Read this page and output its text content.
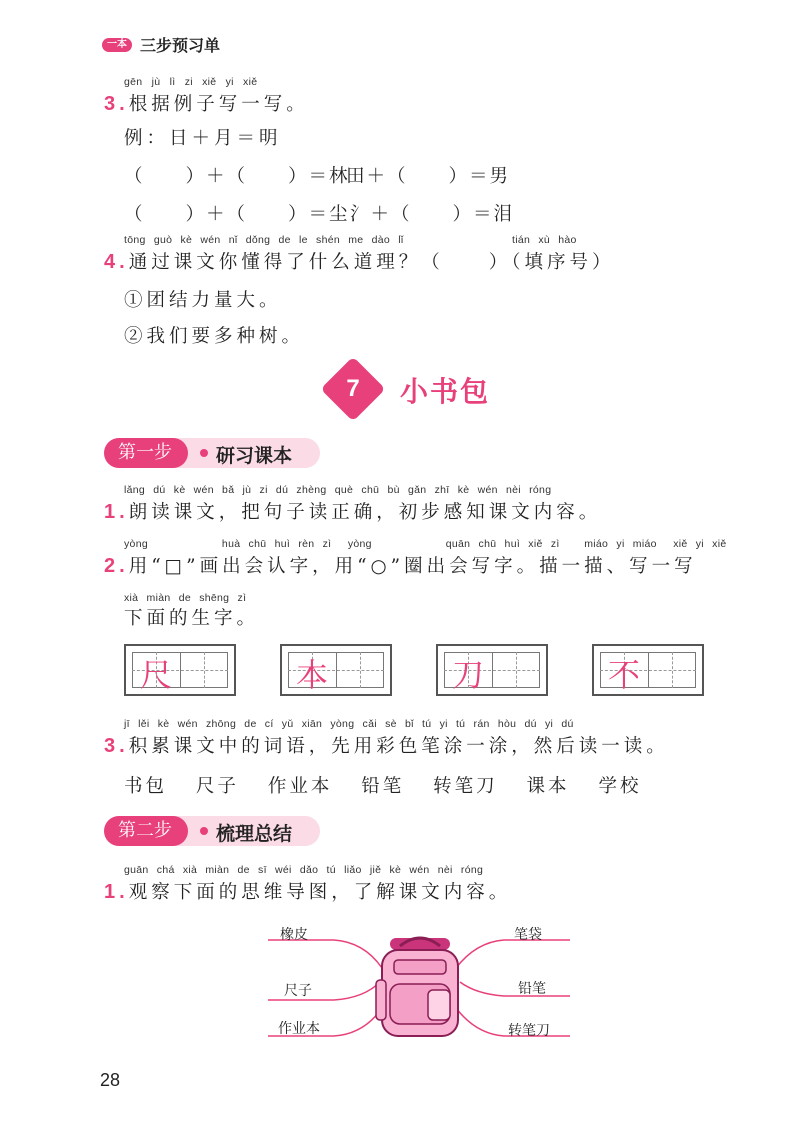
一本 三步预习单
gēn jù lì zi xiě yi xiě
3.根据例子写一写。
例：日＋月＝明
（　　）＋（　　）＝林
田＋（　　）＝男
（　　）＋（　　）＝尘 氵＋（　　）＝泪
tōng guò kè wén nǐ dǒng de le shén me dào lǐ	tián xù hào
4.通过课文你懂得了什么道理？（　　）（填序号）
①团结力量大。
②我们要多种树。
7	小书包
第一步	研习课本
lǎng dú kè wén bǎ jù zi dú zhèng què chū bù gǎn zhī kè wén nèi róng
1.朗读课文，把句子读正确，初步感知课文内容。
yòng         huà chū huì rèn zì  yòng         quān chū huì xiě zì   miáo yi miáo  xiě yi xiě
2.用“□”画出会认字，用“○”圈出会写字。描一描、写一写
xià miàn de shēng zì
下面的生字。
尺	本	刀	不
jī lěi kè wén zhōng de cí yǔ xiān yòng cǎi sè bǐ tú yi tú rán hòu dú yi dú
3.积累课文中的词语，先用彩色笔涂一涂，然后读一读。
书包 尺子 作业本 铅笔 转笔刀 课本 学校
第二步	梳理总结
guān chá xià miàn de sī wéi dǎo tú liǎo jiě kè wén nèi róng
1.观察下面的思维导图，了解课文内容。
橡皮
尺子
作业本
笔袋
铅笔
转笔刀
28
